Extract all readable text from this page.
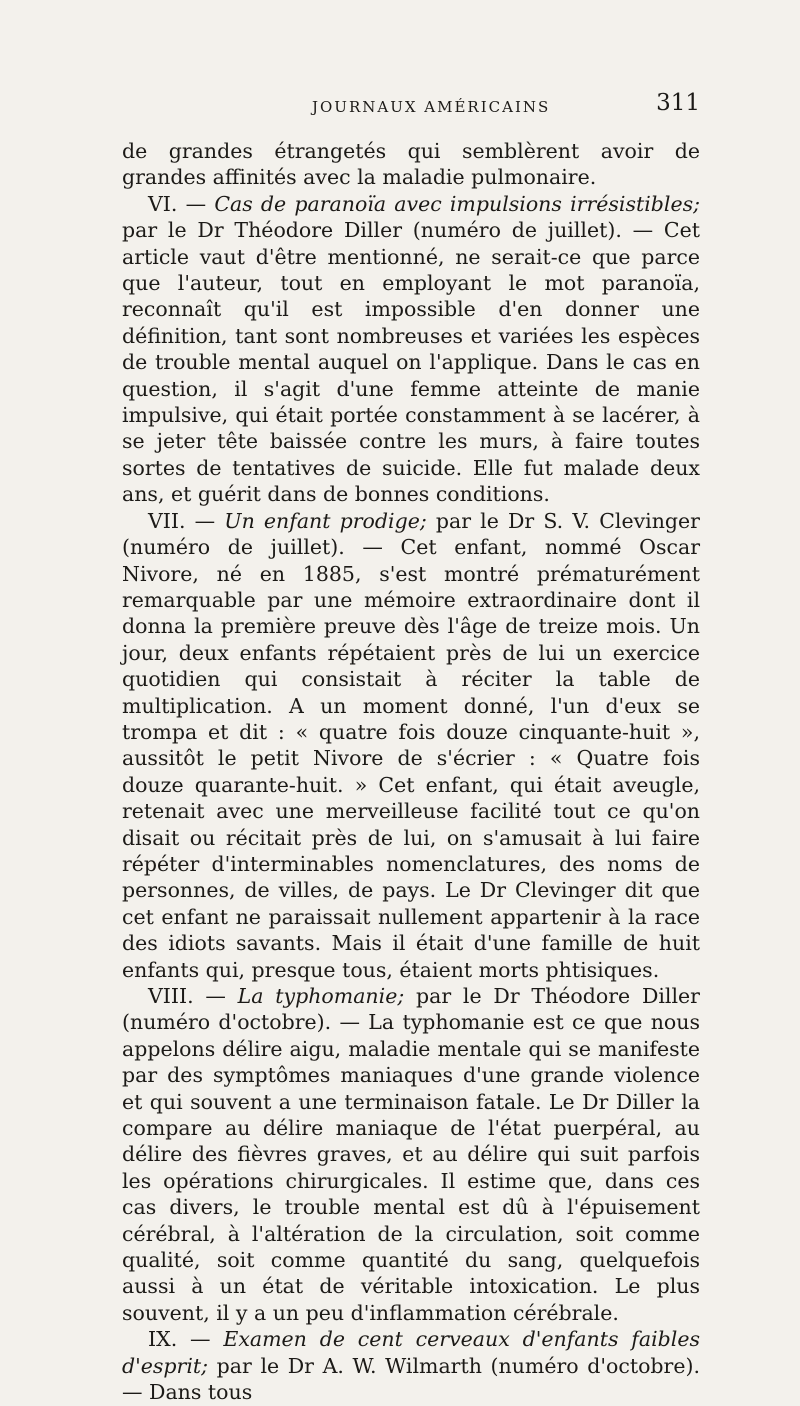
JOURNAUX AMÉRICAINS	311

de grandes étrangetés qui semblèrent avoir de grandes affinités avec la maladie pulmonaire.

VI. — Cas de paranoïa avec impulsions irrésistibles; par le Dr Théodore Diller (numéro de juillet). — Cet article vaut d'être mentionné, ne serait-ce que parce que l'auteur, tout en employant le mot paranoïa, reconnaît qu'il est impossible d'en donner une définition, tant sont nombreuses et variées les espèces de trouble mental auquel on l'applique. Dans le cas en question, il s'agit d'une femme atteinte de manie impulsive, qui était portée constamment à se lacérer, à se jeter tête baissée contre les murs, à faire toutes sortes de tentatives de suicide. Elle fut malade deux ans, et guérit dans de bonnes conditions.

VII. — Un enfant prodige; par le Dr S. V. Clevinger (numéro de juillet). — Cet enfant, nommé Oscar Nivore, né en 1885, s'est montré prématurément remarquable par une mémoire extraordinaire dont il donna la première preuve dès l'âge de treize mois. Un jour, deux enfants répétaient près de lui un exercice quotidien qui consistait à réciter la table de multiplication. A un moment donné, l'un d'eux se trompa et dit : « quatre fois douze cinquante-huit », aussitôt le petit Nivore de s'écrier : « Quatre fois douze quarante-huit. » Cet enfant, qui était aveugle, retenait avec une merveilleuse facilité tout ce qu'on disait ou récitait près de lui, on s'amusait à lui faire répéter d'interminables nomenclatures, des noms de personnes, de villes, de pays. Le Dr Clevinger dit que cet enfant ne paraissait nullement appartenir à la race des idiots savants. Mais il était d'une famille de huit enfants qui, presque tous, étaient morts phtisiques.

VIII. — La typhomanie; par le Dr Théodore Diller (numéro d'octobre). — La typhomanie est ce que nous appelons délire aigu, maladie mentale qui se manifeste par des symptômes maniaques d'une grande violence et qui souvent a une terminaison fatale. Le Dr Diller la compare au délire maniaque de l'état puerpéral, au délire des fièvres graves, et au délire qui suit parfois les opérations chirurgicales. Il estime que, dans ces cas divers, le trouble mental est dû à l'épuisement cérébral, à l'altération de la circulation, soit comme qualité, soit comme quantité du sang, quelquefois aussi à un état de véritable intoxication. Le plus souvent, il y a un peu d'inflammation cérébrale.

IX. — Examen de cent cerveaux d'enfants faibles d'esprit; par le Dr A. W. Wilmarth (numéro d'octobre). — Dans tous
